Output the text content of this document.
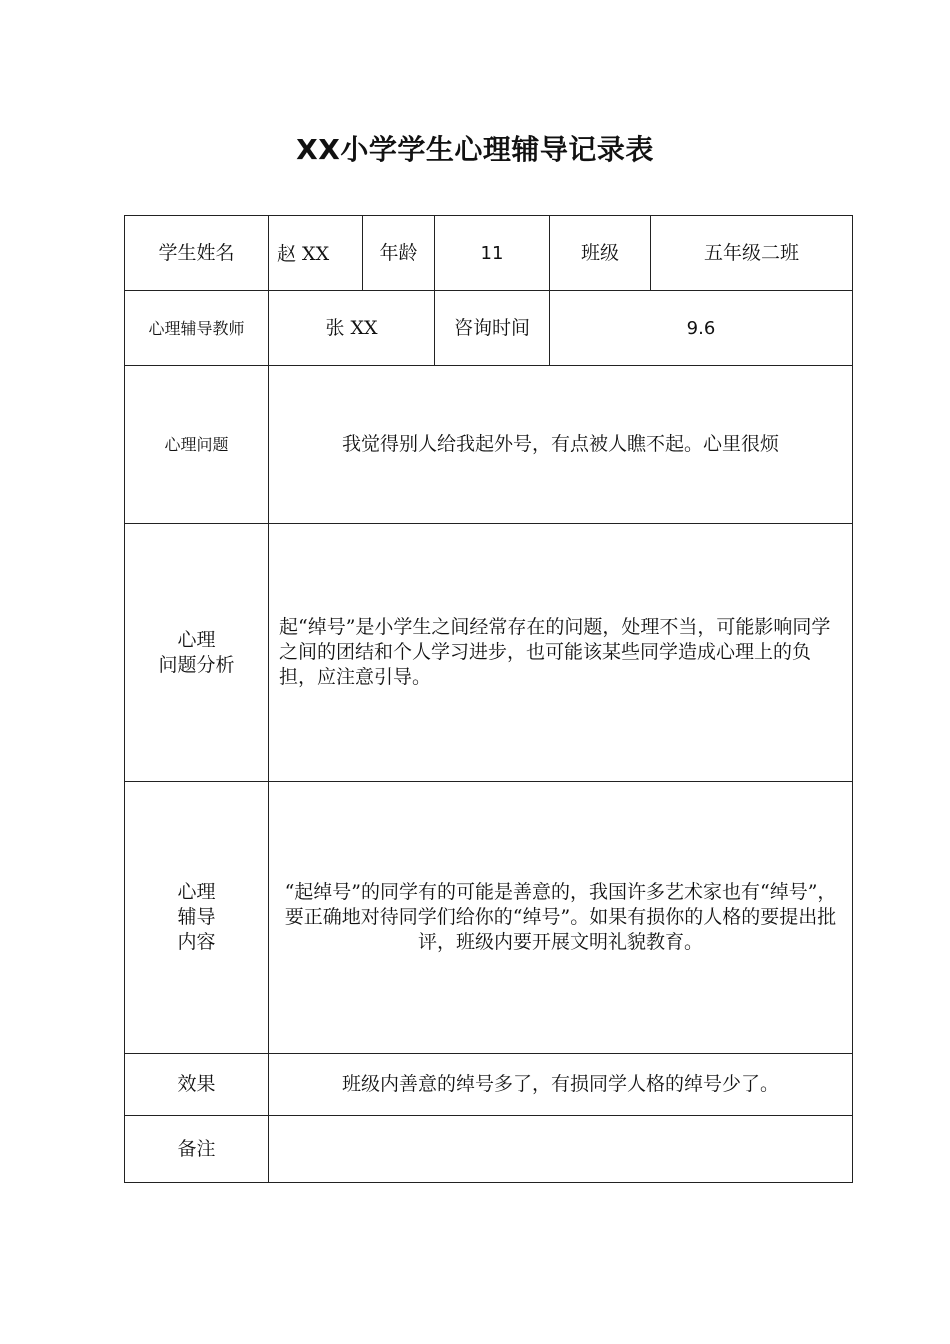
XX小学学生心理辅导记录表
学生姓名	赵 XX	年龄	11	班级	五年级二班
心理辅导教师	张 XX		咨询时间	9.6	
心理问题	我觉得别人给我起外号，有点被人瞧不起。心里很烦				
心理
问题分析	起“绰号”是小学生之间经常存在的问题，处理不当，可能影响同学之间的团结和个人学习进步，也可能该某些同学造成心理上的负担，应注意引导。				
心理
辅导
内容	“起绰号”的同学有的可能是善意的，我国许多艺术家也有“绰号”，要正确地对待同学们给你的“绰号”。如果有损你的人格的要提出批评，班级内要开展文明礼貌教育。				
效果	班级内善意的绰号多了，有损同学人格的绰号少了。				
备注					
